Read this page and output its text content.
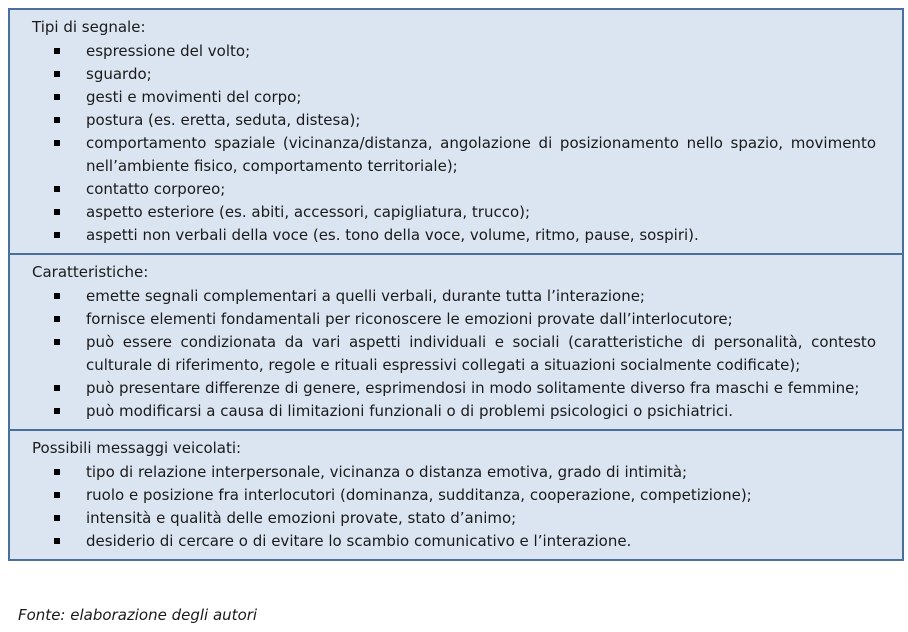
Tipi di segnale:
espressione del volto;
sguardo;
gesti e movimenti del corpo;
postura (es. eretta, seduta, distesa);
comportamento spaziale (vicinanza/distanza, angolazione di posizionamento nello spazio, movimento nell’ambiente fisico, comportamento territoriale);
contatto corporeo;
aspetto esteriore (es. abiti, accessori, capigliatura, trucco);
aspetti non verbali della voce (es. tono della voce, volume, ritmo, pause, sospiri).
Caratteristiche:
emette segnali complementari a quelli verbali, durante tutta l’interazione;
fornisce elementi fondamentali per riconoscere le emozioni provate dall’interlocutore;
può essere condizionata da vari aspetti individuali e sociali (caratteristiche di personalità, contesto culturale di riferimento, regole e rituali espressivi collegati a situazioni socialmente codificate);
può presentare differenze di genere, esprimendosi in modo solitamente diverso fra maschi e femmine;
può modificarsi a causa di limitazioni funzionali o di problemi psicologici o psichiatrici.
Possibili messaggi veicolati:
tipo di relazione interpersonale, vicinanza o distanza emotiva, grado di intimità;
ruolo e posizione fra interlocutori (dominanza, sudditanza, cooperazione, competizione);
intensità e qualità delle emozioni provate, stato d’animo;
desiderio di cercare o di evitare lo scambio comunicativo e l’interazione.
Fonte: elaborazione degli autori
